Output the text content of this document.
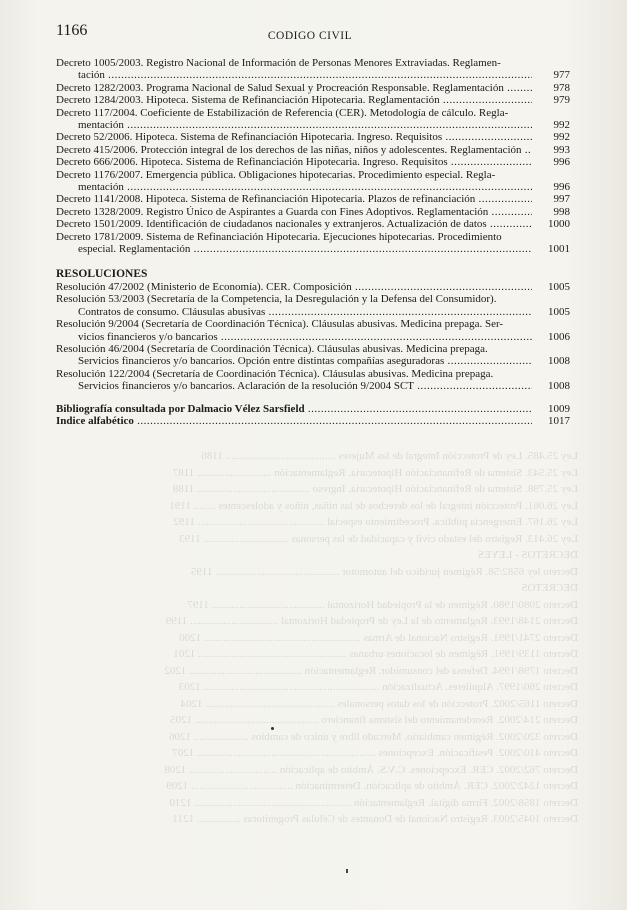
Ley 25.485. Ley de Protección Integral de las Mujeres ........................................ 1186
Ley 25.543. Sistema de Refinanciación Hipotecaria. Reglamentación ........................... 1187
Ley 25.798. Sistema de Refinanciación Hipotecaria. Ingreso ......................................... 1188
Ley 26.061. Protección integral de los derechos de las niñas, niños y adolescentes ........ 1191
Ley 26.167. Emergencia pública. Procedimiento especial .............................................. 1192
Ley 26.413. Registro del estado civil y capacidad de las personas ............................... 1193
DECRETOS - LEYES
Decreto ley 6582/58. Régimen jurídico del automotor ............................................. 1195
DECRETOS
Decreto 2080/1980. Régimen de la Propiedad Horizontal ......................................... 1197
Decreto 2148/1993. Reglamento de la Ley de Propiedad Horizontal ................................ 1199
Decreto 2741/1991. Registro Nacional de Armas ......................................................... 1200
Decreto 1139/1991. Régimen de locaciones urbanas ...................................................... 1201
Decreto 1798/1994. Defensa del consumidor. Reglamentación ......................................... 1202
Decreto 260/1997. Alquileres. Actualización ................................................................ 1203
Decreto 1165/2002. Protección de los datos personales ............................................... 1204
Decreto 214/2002. Reordenamiento del sistema financiero ............................................. 1205
Decreto 320/2002. Régimen cambiario. Mercado libre y único de cambios .................... 1206
Decreto 410/2002. Pesificación. Excepciones ................................................................. 1207
Decreto 762/2002. CER. Excepciones. C.V.S. Ámbito de aplicación ................................ 1208
Decreto 1242/2002. CER. Ámbito de aplicación. Determinación ..................................... 1209
Decreto 1858/2002. Firma digital. Reglamentación ......................................................... 1210
Decreto 1045/2003. Registro Nacional de Donantes de Células Progenitoras ................ 1211
1166	CODIGO CIVIL
Decreto 1005/2003. Registro Nacional de Información de Personas Menores Extraviadas. Reglamen-
tación .....	977
Decreto 1282/2003. Programa Nacional de Salud Sexual y Procreación Responsable. Reglamentación .....	978
Decreto 1284/2003. Hipoteca. Sistema de Refinanciación Hipotecaria. Reglamentación .....	979
Decreto 117/2004. Coeficiente de Estabilización de Referencia (CER). Metodología de cálculo. Regla-
mentación .....	992
Decreto 52/2006. Hipoteca. Sistema de Refinanciación Hipotecaria. Ingreso. Requisitos .....	992
Decreto 415/2006. Protección integral de los derechos de las niñas, niños y adolescentes. Reglamentación .....	993
Decreto 666/2006. Hipoteca. Sistema de Refinanciación Hipotecaria. Ingreso. Requisitos .....	996
Decreto 1176/2007. Emergencia pública. Obligaciones hipotecarias. Procedimiento especial. Regla-
mentación .....	996
Decreto 1141/2008. Hipoteca. Sistema de Refinanciación Hipotecaria. Plazos de refinanciación .....	997
Decreto 1328/2009. Registro Único de Aspirantes a Guarda con Fines Adoptivos. Reglamentación .....	998
Decreto 1501/2009. Identificación de ciudadanos nacionales y extranjeros. Actualización de datos .....	1000
Decreto 1781/2009. Sistema de Refinanciación Hipotecaria. Ejecuciones hipotecarias. Procedimiento
especial. Reglamentación .....	1001
RESOLUCIONES
Resolución 47/2002 (Ministerio de Economía). CER. Composición .....	1005
Resolución 53/2003 (Secretaría de la Competencia, la Desregulación y la Defensa del Consumidor).
Contratos de consumo. Cláusulas abusivas .....	1005
Resolución 9/2004 (Secretaría de Coordinación Técnica). Cláusulas abusivas. Medicina prepaga. Ser-
vicios financieros y/o bancarios .....	1006
Resolución 46/2004 (Secretaría de Coordinación Técnica). Cláusulas abusivas. Medicina prepaga.
Servicios financieros y/o bancarios. Opción entre distintas compañías aseguradoras .....	1008
Resolución 122/2004 (Secretaría de Coordinación Técnica). Cláusulas abusivas. Medicina prepaga.
Servicios financieros y/o bancarios. Aclaración de la resolución 9/2004 SCT .....	1008
Bibliografía consultada por Dalmacio Vélez Sarsfield .....	1009
Indice alfabético .....	1017
